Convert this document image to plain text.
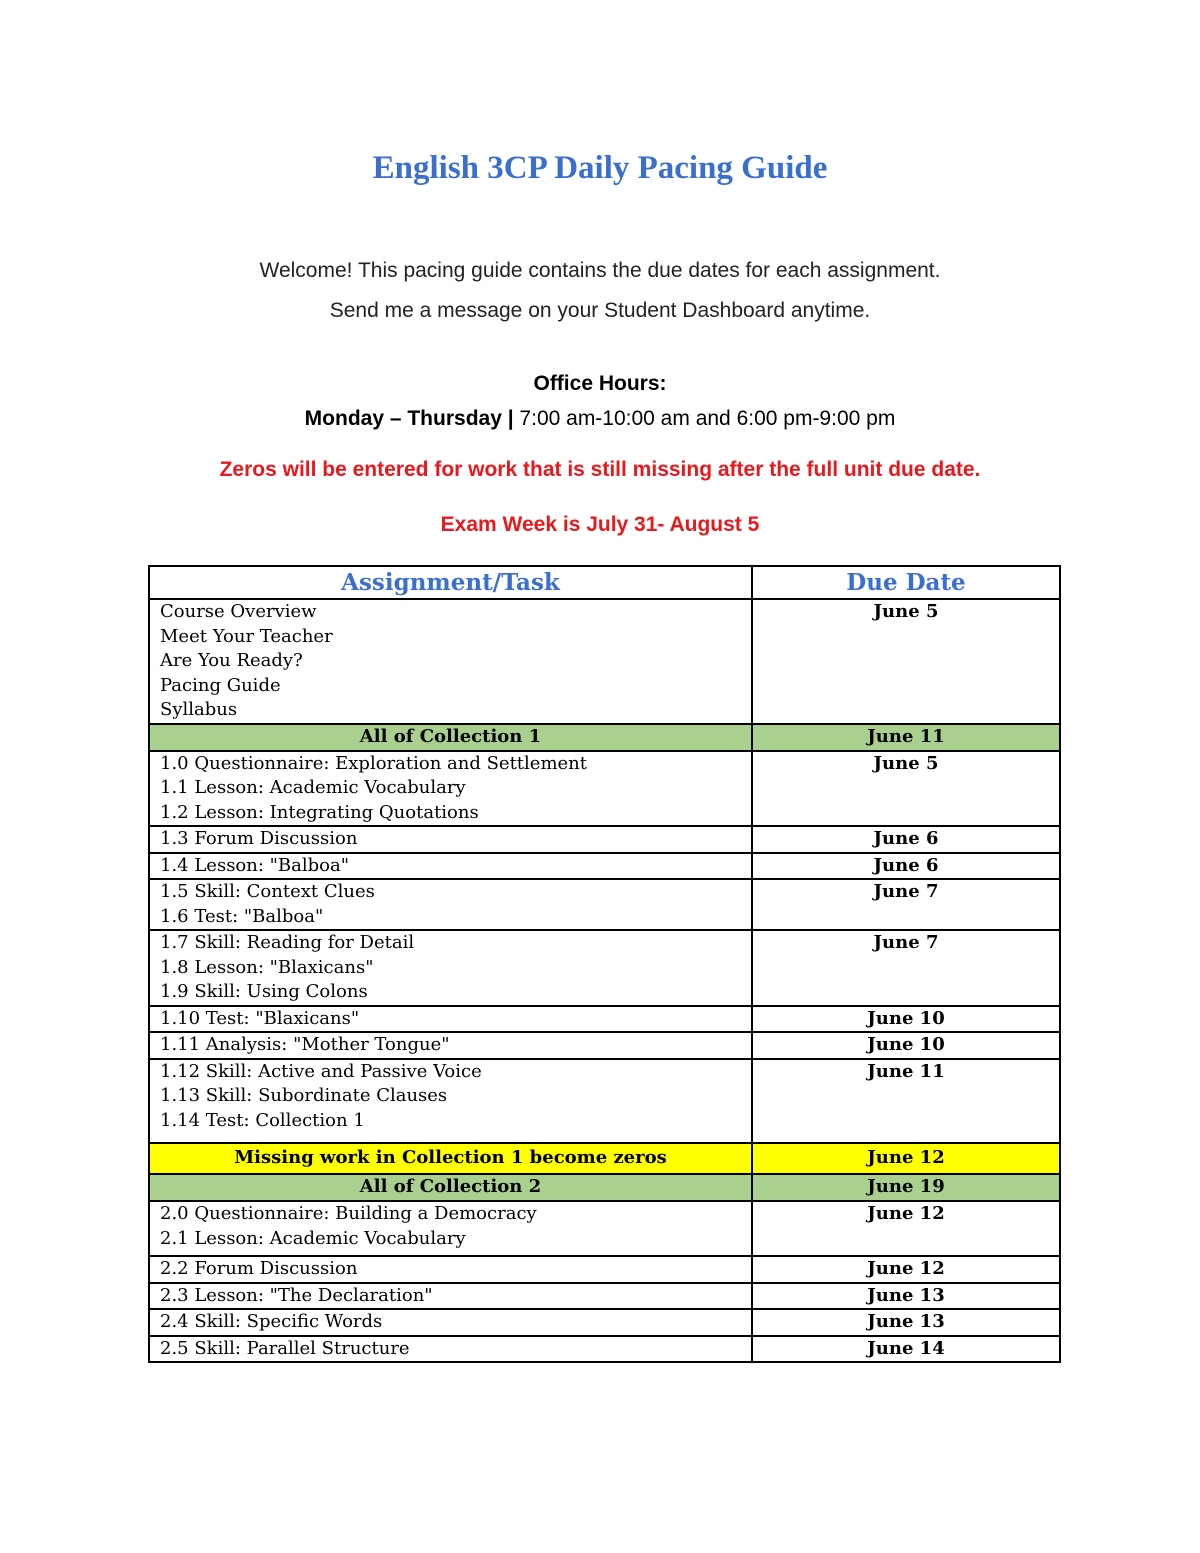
English 3CP Daily Pacing Guide
Welcome! This pacing guide contains the due dates for each assignment.
Send me a message on your Student Dashboard anytime.
Office Hours:
Monday – Thursday | 7:00 am-10:00 am and 6:00 pm-9:00 pm
Zeros will be entered for work that is still missing after the full unit due date.
Exam Week is July 31- August 5
Assignment/Task	Due Date

Course Overview
Meet Your Teacher
Are You Ready?
Pacing Guide
Syllabus	June 5

All of Collection 1	June 11

1.0 Questionnaire: Exploration and Settlement
1.1 Lesson: Academic Vocabulary
1.2 Lesson: Integrating Quotations	June 5

1.3 Forum Discussion	June 6

1.4 Lesson: "Balboa"	June 6

1.5 Skill: Context Clues
1.6 Test: "Balboa"	June 7

1.7 Skill: Reading for Detail
1.8 Lesson: "Blaxicans"
1.9 Skill: Using Colons	June 7

1.10 Test: "Blaxicans"	June 10

1.11 Analysis: "Mother Tongue"	June 10

1.12 Skill: Active and Passive Voice
1.13 Skill: Subordinate Clauses
1.14 Test: Collection 1	June 11

Missing work in Collection 1 become zeros	June 12

All of Collection 2	June 19

2.0 Questionnaire: Building a Democracy
2.1 Lesson: Academic Vocabulary	June 12

2.2 Forum Discussion	June 12

2.3 Lesson: "The Declaration"	June 13

2.4 Skill: Specific Words	June 13

2.5 Skill: Parallel Structure	June 14
